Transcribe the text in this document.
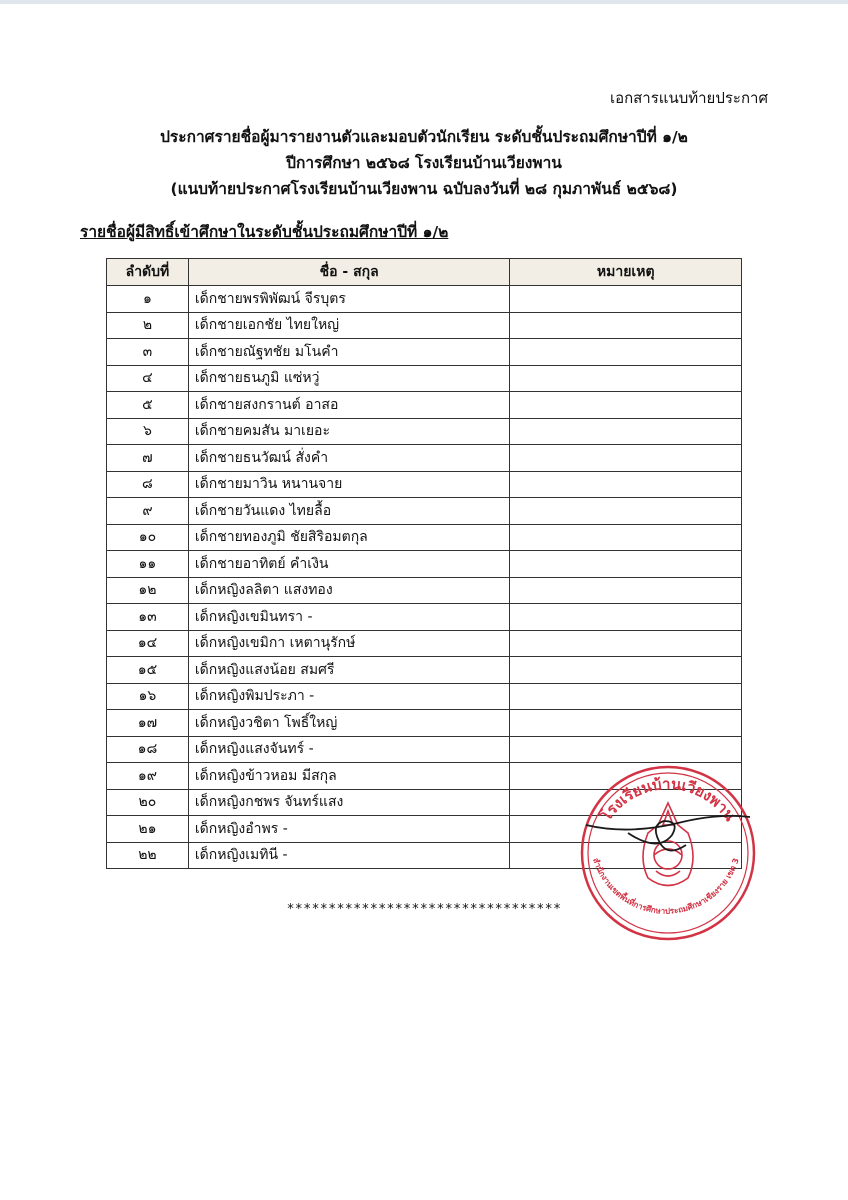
เอกสารแนบท้ายประกาศ
ประกาศรายชื่อผู้มารายงานตัวและมอบตัวนักเรียน ระดับชั้นประถมศึกษาปีที่ ๑/๒
ปีการศึกษา ๒๕๖๘ โรงเรียนบ้านเวียงพาน
(แนบท้ายประกาศโรงเรียนบ้านเวียงพาน ฉบับลงวันที่ ๒๘ กุมภาพันธ์ ๒๕๖๘)
รายชื่อผู้มีสิทธิ์เข้าศึกษาในระดับชั้นประถมศึกษาปีที่ ๑/๒
ลำดับที่	ชื่อ - สกุล	หมายเหตุ
๑	เด็กชายพรพิพัฒน์ จีรบุตร	
๒	เด็กชายเอกชัย ไทยใหญ่	
๓	เด็กชายณัฐทชัย มโนคำ	
๔	เด็กชายธนภูมิ แซ่หวู่	
๕	เด็กชายสงกรานต์ อาสอ	
๖	เด็กชายคมสัน มาเยอะ	
๗	เด็กชายธนวัฒน์ สั่งคำ	
๘	เด็กชายมาวิน หนานจาย	
๙	เด็กชายวันแดง ไทยลื้อ	
๑๐	เด็กชายทองภูมิ ชัยสิริอมตกุล	
๑๑	เด็กชายอาทิตย์ คำเงิน	
๑๒	เด็กหญิงลลิตา แสงทอง	
๑๓	เด็กหญิงเขมินทรา -	
๑๔	เด็กหญิงเขมิกา เหตานุรักษ์	
๑๕	เด็กหญิงแสงน้อย สมศรี	
๑๖	เด็กหญิงพิมประภา -	
๑๗	เด็กหญิงวชิตา โพธิ์ใหญ่	
๑๘	เด็กหญิงแสงจันทร์ -	
๑๙	เด็กหญิงข้าวหอม มีสกุล	
๒๐	เด็กหญิงกชพร จันทร์แสง	
๒๑	เด็กหญิงอำพร -	
๒๒	เด็กหญิงเมทินี -	
*********************************
โรงเรียนบ้านเวียงพาน
สำนักงานเขตพื้นที่การศึกษาประถมศึกษาเชียงราย เขต 3
